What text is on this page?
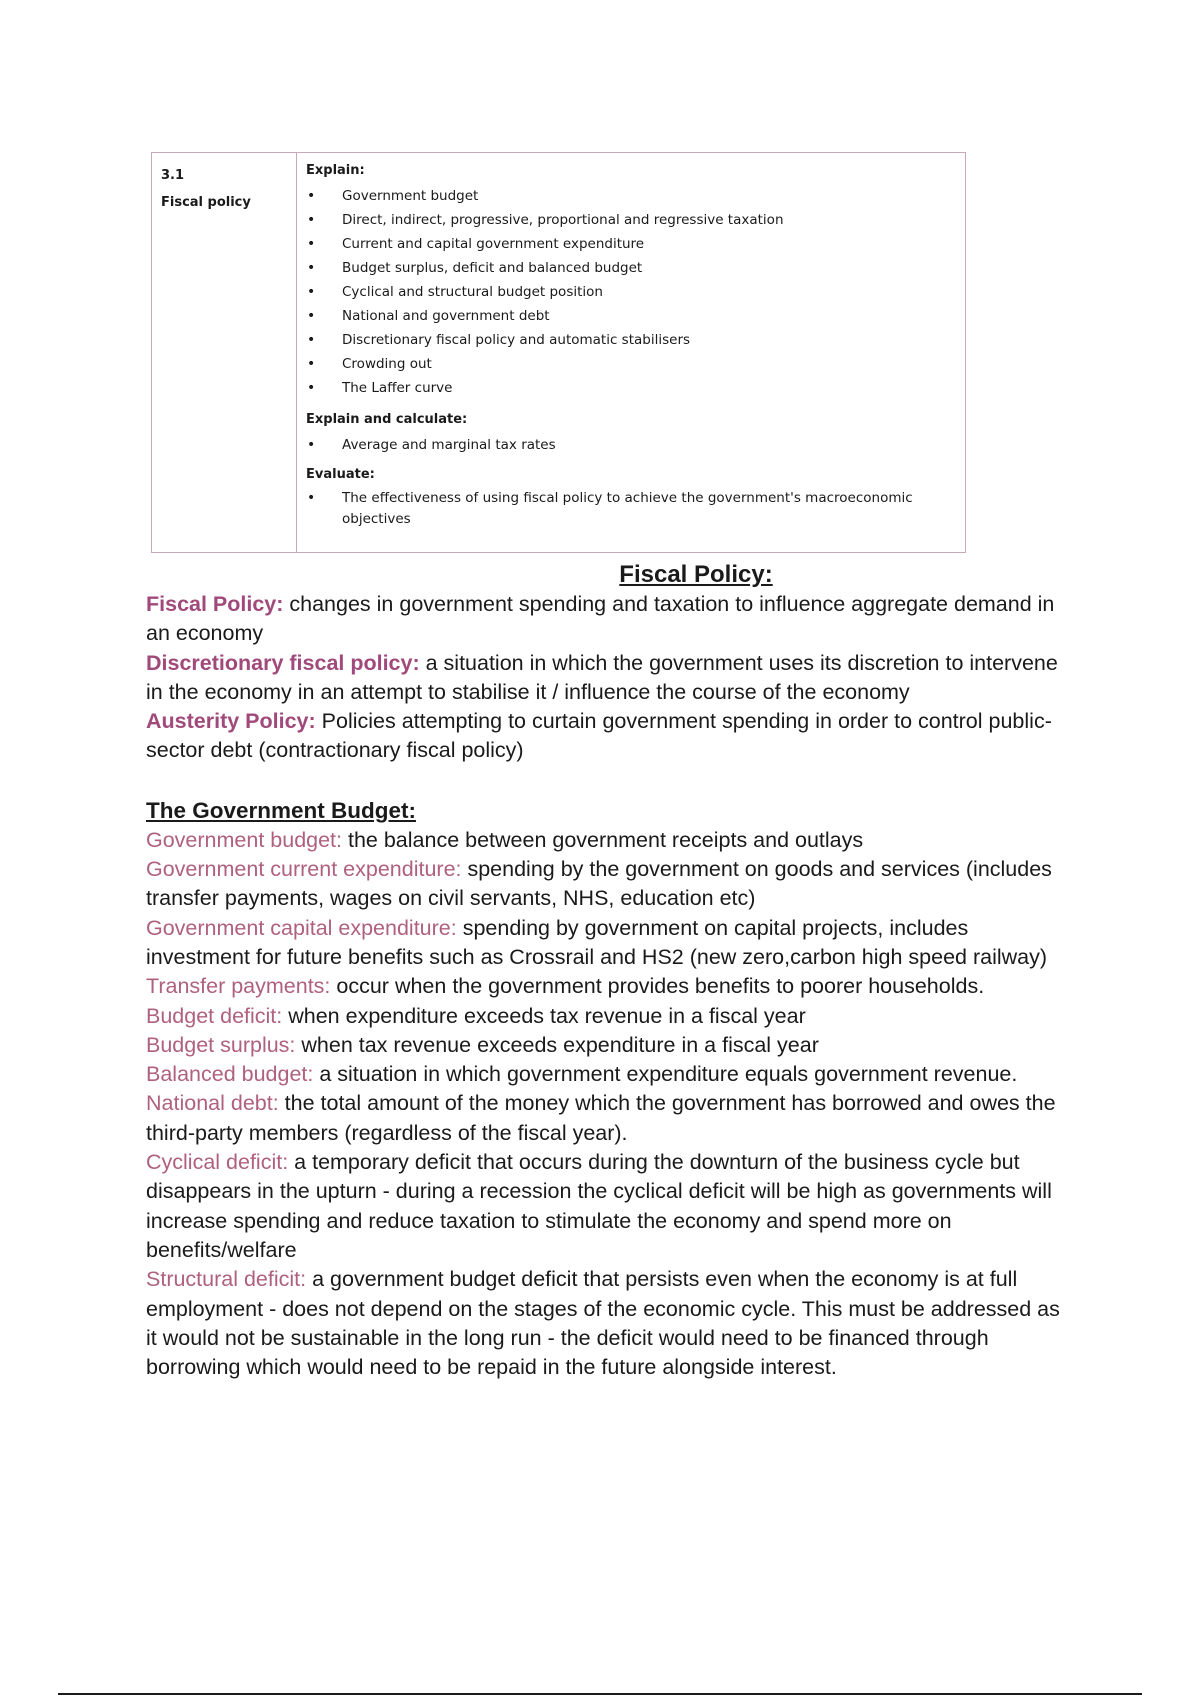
3.1
Fiscal policy
Explain:
• Government budget
• Direct, indirect, progressive, proportional and regressive taxation
• Current and capital government expenditure
• Budget surplus, deficit and balanced budget
• Cyclical and structural budget position
• National and government debt
• Discretionary fiscal policy and automatic stabilisers
• Crowding out
• The Laffer curve
Explain and calculate:
• Average and marginal tax rates
Evaluate:
• The effectiveness of using fiscal policy to achieve the government's macroeconomic objectives
Fiscal Policy:

Fiscal Policy: changes in government spending and taxation to influence aggregate demand in an economy

Discretionary fiscal policy: a situation in which the government uses its discretion to intervene in the economy in an attempt to stabilise it / influence the course of the economy

Austerity Policy: Policies attempting to curtain government spending in order to control public-sector debt (contractionary fiscal policy)

The Government Budget:

Government budget: the balance between government receipts and outlays

Government current expenditure: spending by the government on goods and services (includes transfer payments, wages on civil servants, NHS, education etc)

Government capital expenditure: spending by government on capital projects, includes investment for future benefits such as Crossrail and HS2 (new zero,carbon high speed railway)

Transfer payments: occur when the government provides benefits to poorer households.

Budget deficit: when expenditure exceeds tax revenue in a fiscal year

Budget surplus: when tax revenue exceeds expenditure in a fiscal year

Balanced budget: a situation in which government expenditure equals government revenue.

National debt: the total amount of the money which the government has borrowed and owes the third-party members (regardless of the fiscal year).

Cyclical deficit: a temporary deficit that occurs during the downturn of the business cycle but disappears in the upturn - during a recession the cyclical deficit will be high as governments will increase spending and reduce taxation to stimulate the economy and spend more on benefits/welfare

Structural deficit: a government budget deficit that persists even when the economy is at full employment - does not depend on the stages of the economic cycle. This must be addressed as it would not be sustainable in the long run - the deficit would need to be financed through borrowing which would need to be repaid in the future alongside interest.
